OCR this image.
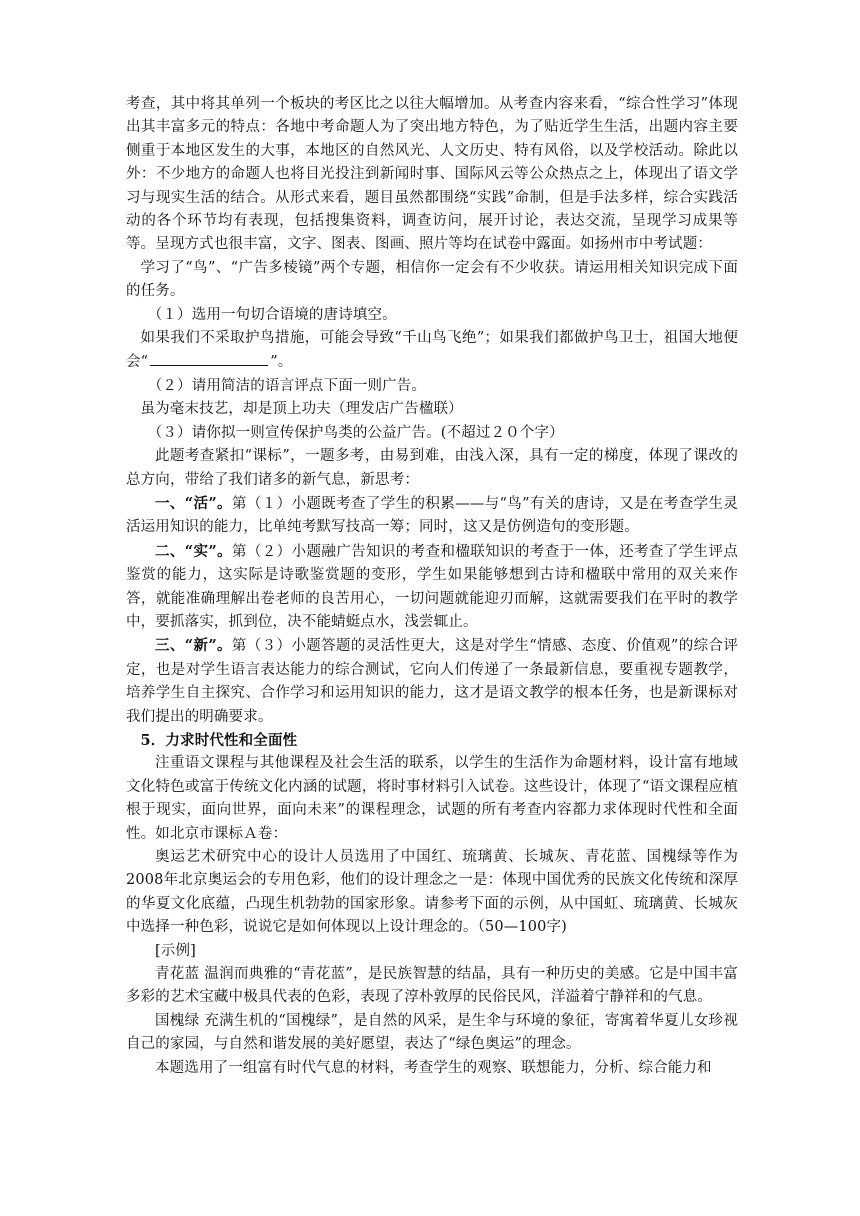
考查，其中将其单列一个板块的考区比之以往大幅增加。从考查内容来看，“综合性学习”体现出其丰富多元的特点：各地中考命题人为了突出地方特色，为了贴近学生生活，出题内容主要侧重于本地区发生的大事，本地区的自然风光、人文历史、特有风俗，以及学校活动。除此以外：不少地方的命题人也将目光投注到新闻时事、国际风云等公众热点之上，体现出了语文学习与现实生活的结合。从形式来看，题目虽然都围绕“实践”命制，但是手法多样，综合实践活动的各个环节均有表现，包括搜集资料，调查访问，展开讨论，表达交流，呈现学习成果等等。呈现方式也很丰富，文字、图表、图画、照片等均在试卷中露面。如扬州市中考试题：

学习了“鸟”、“广告多棱镜”两个专题，相信你一定会有不少收获。请运用相关知识完成下面的任务。

（１）选用一句切合语境的唐诗填空。

如果我们不采取护鸟措施，可能会导致“千山鸟飞绝”；如果我们都做护鸟卫士，祖国大地便会“	”。

（２）请用简洁的语言评点下面一则广告。

虽为毫末技艺，却是顶上功夫（理发店广告楹联）

（３）请你拟一则宣传保护鸟类的公益广告。(不超过２０个字）

此题考查紧扣“课标”，一题多考，由易到难，由浅入深，具有一定的梯度，体现了课改的总方向，带给了我们诸多的新气息，新思考：

一、“活”。第（１）小题既考查了学生的积累——与“鸟”有关的唐诗，又是在考查学生灵活运用知识的能力，比单纯考默写技高一筹；同时，这又是仿例造句的变形题。

二、“实”。第（２）小题融广告知识的考查和楹联知识的考查于一体，还考查了学生评点鉴赏的能力，这实际是诗歌鉴赏题的变形，学生如果能够想到古诗和楹联中常用的双关来作答，就能准确理解出卷老师的良苦用心，一切问题就能迎刃而解，这就需要我们在平时的教学中，要抓落实，抓到位，决不能蜻蜓点水，浅尝辄止。

三、“新”。第（３）小题答题的灵活性更大，这是对学生“情感、态度、价值观”的综合评定，也是对学生语言表达能力的综合测试，它向人们传递了一条最新信息，要重视专题教学，培养学生自主探究、合作学习和运用知识的能力，这才是语文教学的根本任务，也是新课标对我们提出的明确要求。

5．力求时代性和全面性

注重语文课程与其他课程及社会生活的联系，以学生的生活作为命题材料，设计富有地域文化特色或富于传统文化内涵的试题，将时事材料引入试卷。这些设计，体现了“语文课程应植根于现实，面向世界，面向未来”的课程理念，试题的所有考查内容都力求体现时代性和全面性。如北京市课标Ａ卷：

奥运艺术研究中心的设计人员选用了中国红、琉璃黄、长城灰、青花蓝、国槐绿等作为2008年北京奥运会的专用色彩，他们的设计理念之一是：体现中国优秀的民族文化传统和深厚的华夏文化底蕴，凸现生机勃勃的国家形象。请参考下面的示例，从中国虹、琉璃黄、长城灰中选择一种色彩，说说它是如何体现以上设计理念的。（50—100字)

[示例]

青花蓝 温润而典雅的“青花蓝”，是民族智慧的结晶，具有一种历史的美感。它是中国丰富多彩的艺术宝藏中极具代表的色彩，表现了淳朴敦厚的民俗民风，洋溢着宁静祥和的气息。

国槐绿 充满生机的“国槐绿”，是自然的风采，是生伞与环境的象征，寄寓着华夏儿女珍视自己的家园，与自然和谐发展的美好愿望，表达了“绿色奥运”的理念。

本题选用了一组富有时代气息的材料，考查学生的观察、联想能力，分析、综合能力和
